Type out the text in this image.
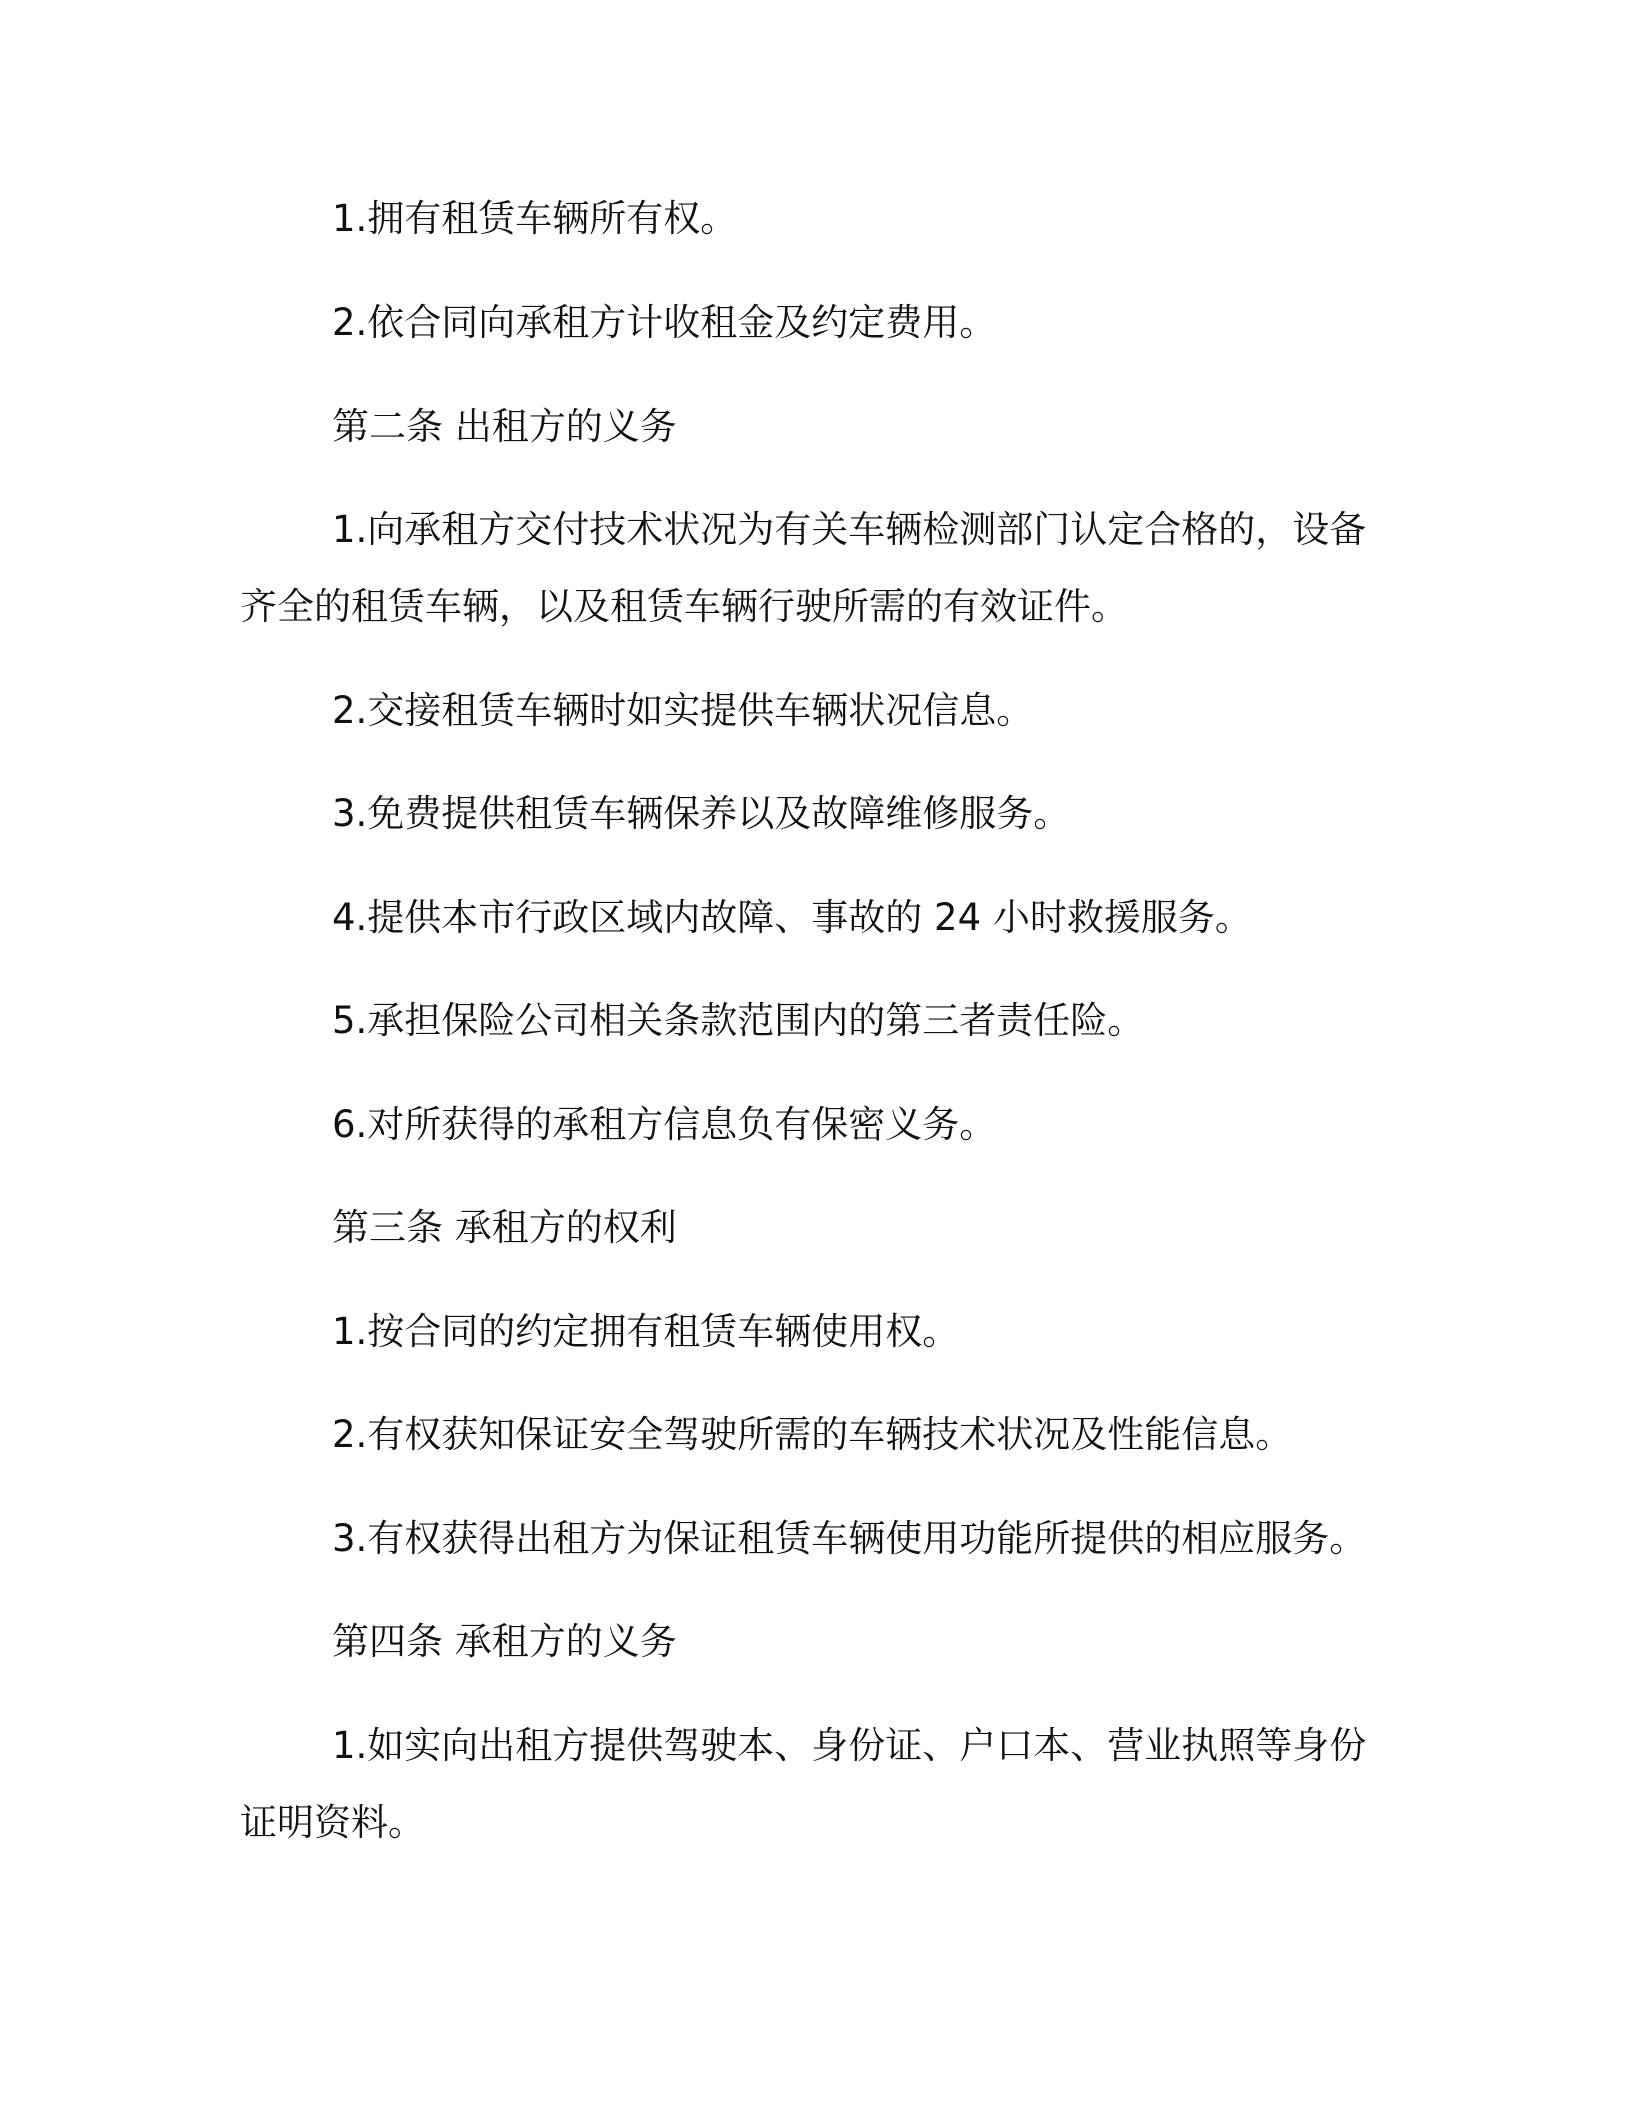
1.拥有租赁车辆所有权。

2.依合同向承租方计收租金及约定费用。

第二条 出租方的义务

1.向承租方交付技术状况为有关车辆检测部门认定合格的，设备

齐全的租赁车辆，以及租赁车辆行驶所需的有效证件。

2.交接租赁车辆时如实提供车辆状况信息。

3.免费提供租赁车辆保养以及故障维修服务。

4.提供本市行政区域内故障、事故的 24 小时救援服务。

5.承担保险公司相关条款范围内的第三者责任险。

6.对所获得的承租方信息负有保密义务。

第三条 承租方的权利

1.按合同的约定拥有租赁车辆使用权。

2.有权获知保证安全驾驶所需的车辆技术状况及性能信息。

3.有权获得出租方为保证租赁车辆使用功能所提供的相应服务。

第四条 承租方的义务

1.如实向出租方提供驾驶本、身份证、户口本、营业执照等身份

证明资料。
